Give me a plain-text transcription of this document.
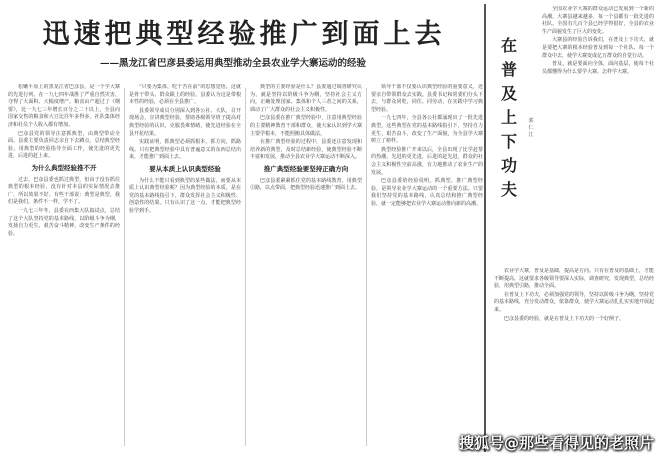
迅速把典型经验推广到面上去
——黑龙江省巴彦县委运用典型推动全县农业学大寨运动的经验

松嫩平原上的黑龙江省巴彦县，是一个学大寨的先进行列。在一九七四年战胜了严重自然灾害，夺得了大面积、大幅度增产。粮食亩产超过了《纲要》，比一九七三年增长百分之二十以上。全县向国家交售的粮食和大豆比往年多得多，社队集体经济和社员个人收入都有增加。

巴彦县党的领导注意抓典型，由典型带动全面。县委主要负责同志亲自下去蹲点，总结典型经验，用典型的经验指导全面工作，使先进的更先进，后进的赶上来。

为什么典型经验推不开

过去，巴彦县委也抓过典型，但由于没有抓住典型的根本经验，没有针对本县的实际情况去推广，所以效果不好。有些干部说：典型是典型，我们是我们，条件不一样，学不了。

一九七三年冬，县委在西集大队搞试点，总结了这个大队坚持党的基本路线，以阶级斗争为纲，发扬自力更生、艰苦奋斗精神，改变生产条件的经验。

“只要为集体，吃干苦在前”的思想觉悟。这就是骨干带头、群众跟上的经验。县委认为这是带根本性的经验，必须在全县推广。

县委领导成员分别深入到各公社、大队，召开现场会，宣讲典型经验，帮助各级领导班子提高对典型经验的认识，克服畏难情绪，使先进经验在全县开花结果。

实践证明，抓典型必须抓根本，抓方向，抓路线。只有把典型经验中具有普遍意义的东西总结出来，才能推广到面上去。

要从本质上认识典型经验

为什么不能只看到典型的某些做法，而要从本质上认识典型经验呢？因为典型经验的本质，是在党的基本路线指引下，群众发挥社会主义积极性、创造性的结果。只有认识了这一点，才能把典型经验学到手。

典型的主要经验是什么？县委通过调查研究认为，就是坚持以阶级斗争为纲，坚持社会主义方向。正确处理国家、集体和个人三者之间的关系，调动了广大群众的社会主义积极性。

巴彦县委在推广典型经验中，注意用典型经验的主要精神教育干部和群众，使大家认识到学大寨主要学根本，不能照搬具体做法。

在推广典型经验的过程中，县委还注意发现和培养新的典型，及时总结新经验，使典型经验不断丰富和发展，推动全县农业学大寨运动不断深入。

推广典型经验要坚持正确方向

巴彦县委紧紧抓住党的基本路线教育，用典型引路，以点带面，把典型经验迅速推广到面上去。

领导干部不仅要认识典型经验的重要意义，还要亲自带领群众去实践。县委书记和常委们分头下去，与群众同吃、同住、同劳动，在实践中学习典型经验。

一九七四年，全县各公社都涌现出了一批先进典型。这些典型在党的基本路线指引下，坚持自力更生，艰苦奋斗，改变了生产面貌，为全县学大寨树立了榜样。

典型经验推广开来以后，全县出现了比学赶帮的热潮。先进的更先进，后进的赶先进，群众的社会主义积极性空前高涨，有力地推动了农业生产的发展。

巴彦县委的经验说明，抓典型，推广典型经验，是领导农业学大寨运动的一个重要方法。只要我们坚持党的基本路线，认真总结和推广典型经验，就一定能够把农业学大寨运动推向新的高潮。

在
普
及
上
下
功
夫
郭
仁
江

全国农业学大寨的群众运动已发展到一个新的高潮。大寨县越来越多，每一个县都有一批先进的社队。全国有几百个县已经学得很好，全县的农业生产面貌发生了巨大的变化。

大寨县的经验告诉我们，在普及上下功夫，就是要把大寨的根本经验普及到每一个社队、每一个群众中去，使学大寨变成亿万群众的自觉行动。

普及，就是要面向全体，面向基层，使每个社员都懂得为什么要学大寨、怎样学大寨。

农业学大寨，普及是基础，提高是方向。只有在普及的基础上，才能不断提高。这就要求各级领导要深入实际，调查研究，发现典型，总结经验，用典型引路，推动全面。

在普及上下功夫，必须加强党的领导，坚持以阶级斗争为纲，坚持党的基本路线，充分发动群众，依靠群众，使学大寨运动扎扎实实地开展起来。

巴彦县委的经验，就是在普及上下功夫的一个好例子。

搜狐号@那些看得见的老照片
